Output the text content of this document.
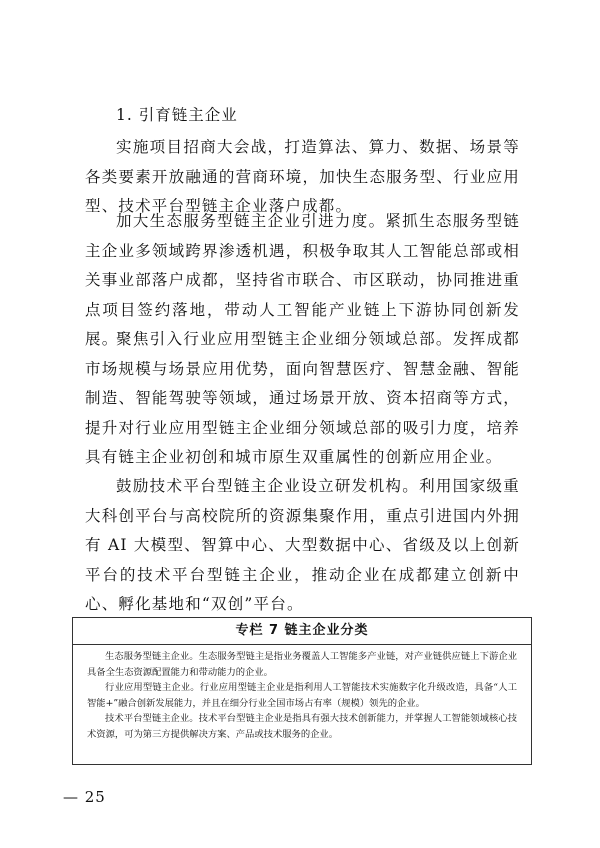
1. 引育链主企业

实施项目招商大会战，打造算法、算力、数据、场景等各类要素开放融通的营商环境，加快生态服务型、行业应用型、技术平台型链主企业落户成都。

加大生态服务型链主企业引进力度。紧抓生态服务型链主企业多领域跨界渗透机遇，积极争取其人工智能总部或相关事业部落户成都，坚持省市联合、市区联动，协同推进重点项目签约落地，带动人工智能产业链上下游协同创新发展。

聚焦引入行业应用型链主企业细分领域总部。发挥成都市场规模与场景应用优势，面向智慧医疗、智慧金融、智能制造、智能驾驶等领域，通过场景开放、资本招商等方式，提升对行业应用型链主企业细分领域总部的吸引力度，培养具有链主企业初创和城市原生双重属性的创新应用企业。

鼓励技术平台型链主企业设立研发机构。利用国家级重大科创平台与高校院所的资源集聚作用，重点引进国内外拥有 AI 大模型、智算中心、大型数据中心、省级及以上创新平台的技术平台型链主企业，推动企业在成都建立创新中心、孵化基地和“双创”平台。

专栏 7 链主企业分类

生态服务型链主企业。生态服务型链主是指业务覆盖人工智能多产业链，对产业链供应链上下游企业具备全生态资源配置能力和带动能力的企业。

行业应用型链主企业。行业应用型链主企业是指利用人工智能技术实施数字化升级改造，具备“人工智能+”融合创新发展能力，并且在细分行业全国市场占有率（规模）领先的企业。

技术平台型链主企业。技术平台型链主企业是指具有强大技术创新能力，并掌握人工智能领域核心技术资源，可为第三方提供解决方案、产品或技术服务的企业。

— 25
